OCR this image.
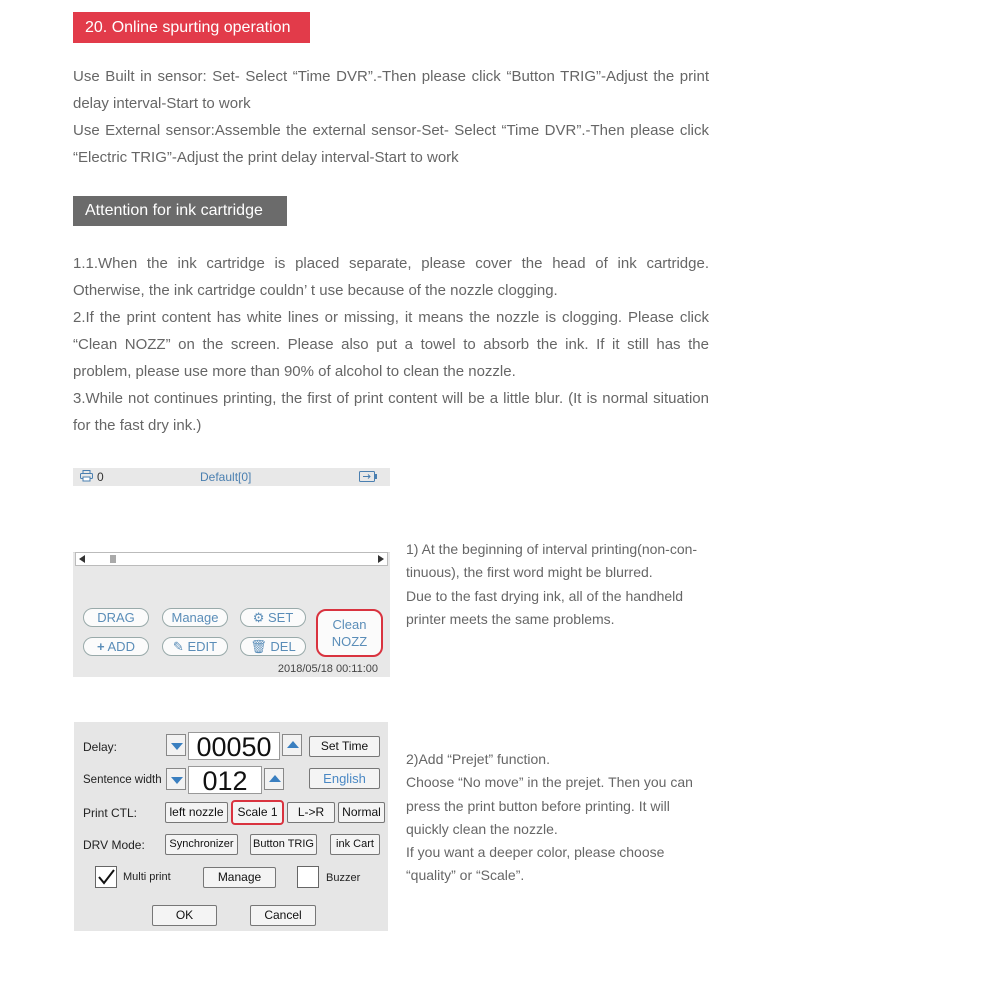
20. Online spurting operation

Use Built in sensor: Set- Select “Time DVR”.-Then please click “Button TRIG”-Adjust the print delay interval-Start to work

Use External sensor:Assemble the external sensor-Set- Select “Time DVR”.-Then please click “Electric TRIG”-Adjust the print delay interval-Start to work

Attention for ink cartridge

1.1.When the ink cartridge is placed separate, please cover the head of ink cartridge. Otherwise, the ink cartridge couldn’ t use because of the nozzle clogging.

2.If the print content has white lines or missing, it means the nozzle is clogging. Please click “Clean NOZZ” on the screen. Please also put a towel to absorb the ink. If it still has the problem, please use more than 90% of alcohol to clean the nozzle.

3.While not continues printing, the first of print content will be a little blur. (It is normal situation for the fast dry ink.)

0	Default[0]
DRAG	Manage	⚙ SET
+ ADD	✎ EDIT	🗑 DEL
Clean
NOZZ
2018/05/18 00:11:00

1) At the beginning of interval printing(non-con-

tinuous), the first word might be blurred.

Due to the fast drying ink, all of the handheld

printer meets the same problems.

Delay:	00050	Set Time
Sentence width	012	English
Print CTL:	left nozzle	Scale 1	L->R	Normal
DRV Mode:	Synchronizer	Button TRIG	ink Cart
Multi print	Manage	Buzzer
OK	Cancel

2)Add “Prejet” function.

Choose “No move” in the prejet. Then you can

press the print button before printing. It will

quickly clean the nozzle.

If you want a deeper color, please choose

“quality” or “Scale”.
